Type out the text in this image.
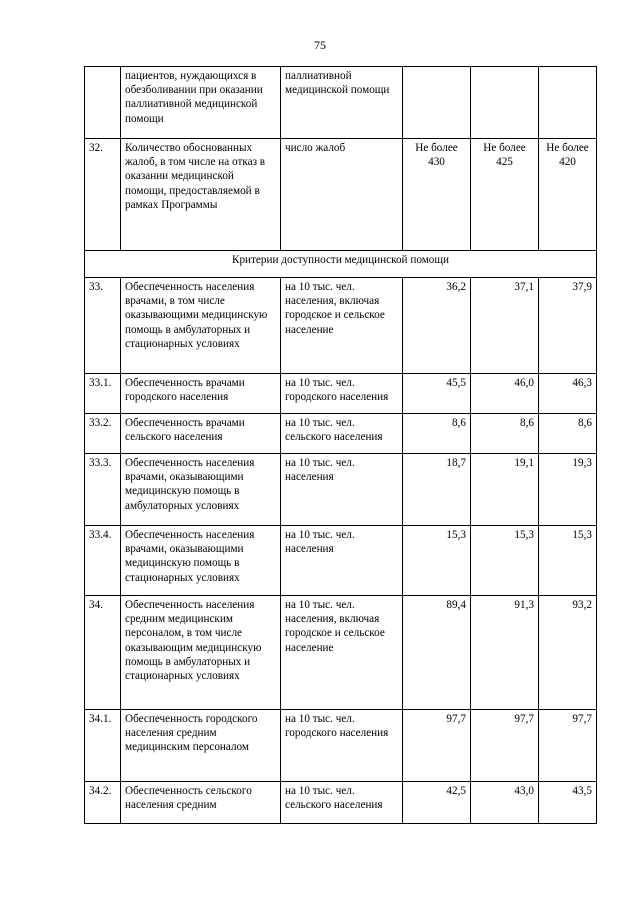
75
	пациентов, нуждающихся в обезболивании при оказании паллиативной медицинской помощи	паллиативной медицинской помощи			
32.	Количество обоснованных жалоб, в том числе на отказ в оказании медицинской помощи, предоставляемой в рамках Программы	число жалоб	Не более 430	Не более 425	Не более 420
Критерии доступности медицинской помощи					
33.	Обеспеченность населения врачами, в том числе оказывающими медицинскую помощь в амбулаторных и стационарных условиях	на 10 тыс. чел. населения, включая городское и сельское население	36,2	37,1	37,9
33.1.	Обеспеченность врачами городского населения	на 10 тыс. чел. городского населения	45,5	46,0	46,3
33.2.	Обеспеченность врачами сельского населения	на 10 тыс. чел. сельского населения	8,6	8,6	8,6
33.3.	Обеспеченность населения врачами, оказывающими медицинскую помощь в амбулаторных условиях	на 10 тыс. чел. населения	18,7	19,1	19,3
33.4.	Обеспеченность населения врачами, оказывающими медицинскую помощь в стационарных условиях	на 10 тыс. чел. населения	15,3	15,3	15,3
34.	Обеспеченность населения средним медицинским персоналом, в том числе оказывающим медицинскую помощь в амбулаторных и стационарных условиях	на 10 тыс. чел. населения, включая городское и сельское население	89,4	91,3	93,2
34.1.	Обеспеченность городского населения средним медицинским персоналом	на 10 тыс. чел. городского населения	97,7	97,7	97,7
34.2.	Обеспеченность сельского населения средним	на 10 тыс. чел. сельского населения	42,5	43,0	43,5
